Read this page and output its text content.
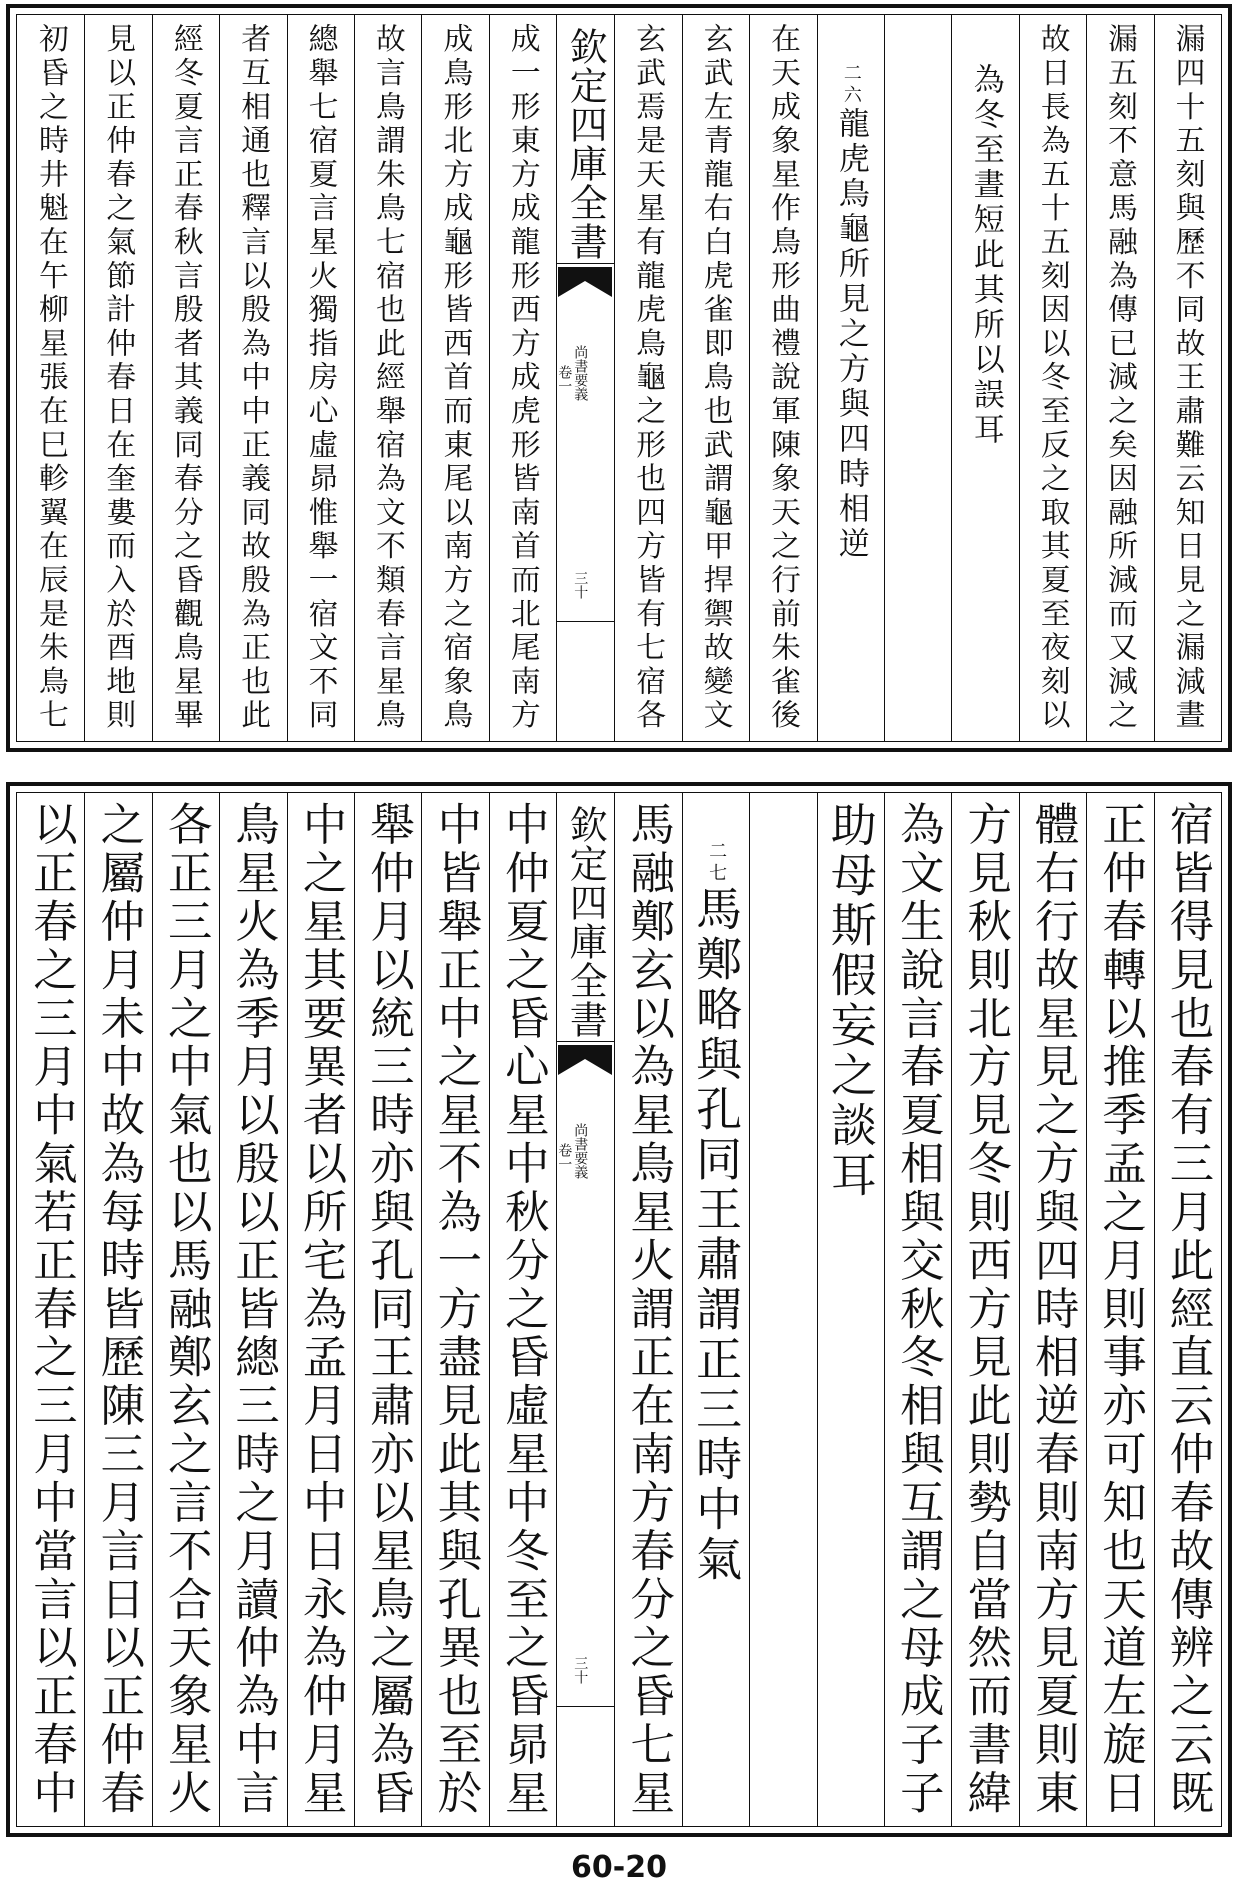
漏四十五刻與歷不同故王肅難云知日見之漏減晝
漏五刻不意馬融為傳已減之矣因融所減而又減之
故日長為五十五刻因以冬至反之取其夏至夜刻以
為冬至晝短此其所以誤耳
二六龍虎鳥龜所見之方與四時相逆
在天成象星作鳥形曲禮說軍陳象天之行前朱雀後
玄武左青龍右白虎雀即鳥也武謂龜甲捍禦故變文
玄武焉是天星有龍虎鳥龜之形也四方皆有七宿各
欽定四庫全書
尚書要義
卷一
三十
成一形東方成龍形西方成虎形皆南首而北尾南方
成鳥形北方成龜形皆西首而東尾以南方之宿象鳥
故言鳥謂朱鳥七宿也此經舉宿為文不類春言星鳥
總舉七宿夏言星火獨指房心虛昴惟舉一宿文不同
者互相通也釋言以殷為中中正義同故殷為正也此
經冬夏言正春秋言殷者其義同春分之昏觀鳥星畢
見以正仲春之氣節計仲春日在奎婁而入於酉地則
初昏之時井魁在午柳星張在巳軫翼在辰是朱鳥七
宿皆得見也春有三月此經直云仲春故傳辨之云既
正仲春轉以推季孟之月則事亦可知也天道左旋日
體右行故星見之方與四時相逆春則南方見夏則東
方見秋則北方見冬則西方見此則勢自當然而書緯
為文生說言春夏相與交秋冬相與互謂之母成子子
助母斯假妄之談耳
二七馬鄭略與孔同王肅謂正三時中氣
馬融鄭玄以為星鳥星火謂正在南方春分之昏七星
欽定四庫全書
尚書要義
卷一
三十
中仲夏之昏心星中秋分之昏虛星中冬至之昏昴星
中皆舉正中之星不為一方盡見此其與孔異也至於
舉仲月以統三時亦與孔同王肅亦以星鳥之屬為昏
中之星其要異者以所宅為孟月日中日永為仲月星
鳥星火為季月以殷以正皆總三時之月讀仲為中言
各正三月之中氣也以馬融鄭玄之言不合天象星火
之屬仲月未中故為每時皆歷陳三月言日以正仲春
以正春之三月中氣若正春之三月中當言以正春中
60-20
